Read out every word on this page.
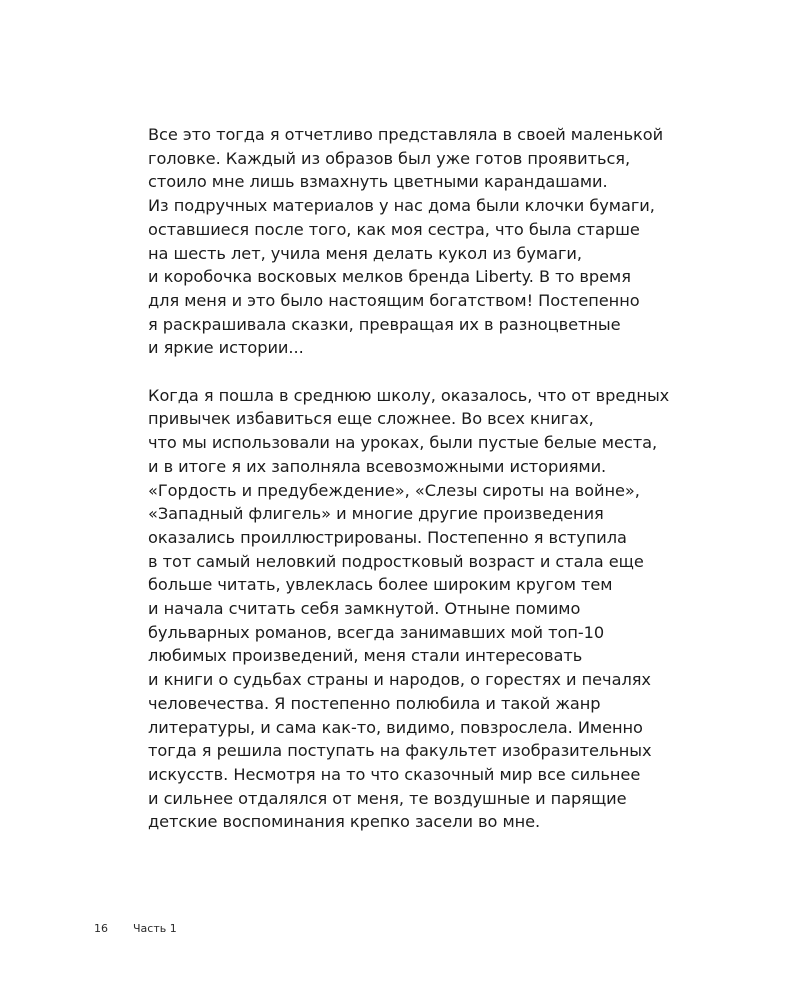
Все это тогда я отчетливо представляла в своей маленькой
головке. Каждый из образов был уже готов проявиться,
стоило мне лишь взмахнуть цветными карандашами.
Из подручных материалов у нас дома были клочки бумаги,
оставшиеся после того, как моя сестра, что была старше
на шесть лет, учила меня делать кукол из бумаги,
и коробочка восковых мелков бренда Liberty. В то время
для меня и это было настоящим богатством! Постепенно
я раскрашивала сказки, превращая их в разноцветные
и яркие истории...
Когда я пошла в среднюю школу, оказалось, что от вредных
привычек избавиться еще сложнее. Во всех книгах,
что мы использовали на уроках, были пустые белые места,
и в итоге я их заполняла всевозможными историями.
«Гордость и предубеждение», «Слезы сироты на войне»,
«Западный флигель» и многие другие произведения
оказались проиллюстрированы. Постепенно я вступила
в тот самый неловкий подростковый возраст и стала еще
больше читать, увлеклась более широким кругом тем
и начала считать себя замкнутой. Отныне помимо
бульварных романов, всегда занимавших мой топ-10
любимых произведений, меня стали интересовать
и книги о судьбах страны и народов, о горестях и печалях
человечества. Я постепенно полюбила и такой жанр
литературы, и сама как-то, видимо, повзрослела. Именно
тогда я решила поступать на факультет изобразительных
искусств. Несмотря на то что сказочный мир все сильнее
и сильнее отдалялся от меня, те воздушные и парящие
детские воспоминания крепко засели во мне.
16 Часть 1
